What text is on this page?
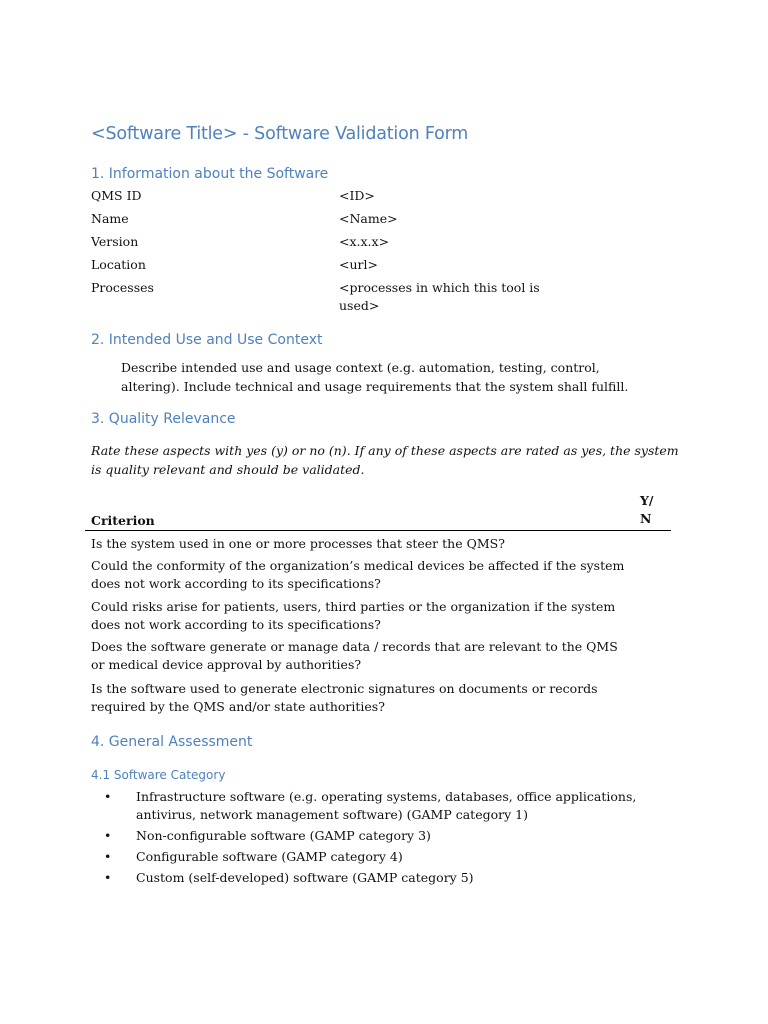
<Software Title> - Software Validation Form
1. Information about the Software
QMS ID	<ID>
Name	<Name>
Version	<x.x.x>
Location	<url>
Processes	<processes in which this tool is used>
2. Intended Use and Use Context
Describe intended use and usage context (e.g. automation, testing, control, altering). Include technical and usage requirements that the system shall fulfill.
3. Quality Relevance
Rate these aspects with yes (y) or no (n). If any of these aspects are rated as yes, the system is quality relevant and should be validated.
Criterion
Y/ N
Is the system used in one or more processes that steer the QMS?
Could the conformity of the organization’s medical devices be affected if the system does not work according to its specifications?
Could risks arise for patients, users, third parties or the organization if the system does not work according to its specifications?
Does the software generate or manage data / records that are relevant to the QMS or medical device approval by authorities?
Is the software used to generate electronic signatures on documents or records required by the QMS and/or state authorities?
4. General Assessment
4.1 Software Category
• Infrastructure software (e.g. operating systems, databases, office applications, antivirus, network management software) (GAMP category 1)
• Non-configurable software (GAMP category 3)
• Configurable software (GAMP category 4)
• Custom (self-developed) software (GAMP category 5)
